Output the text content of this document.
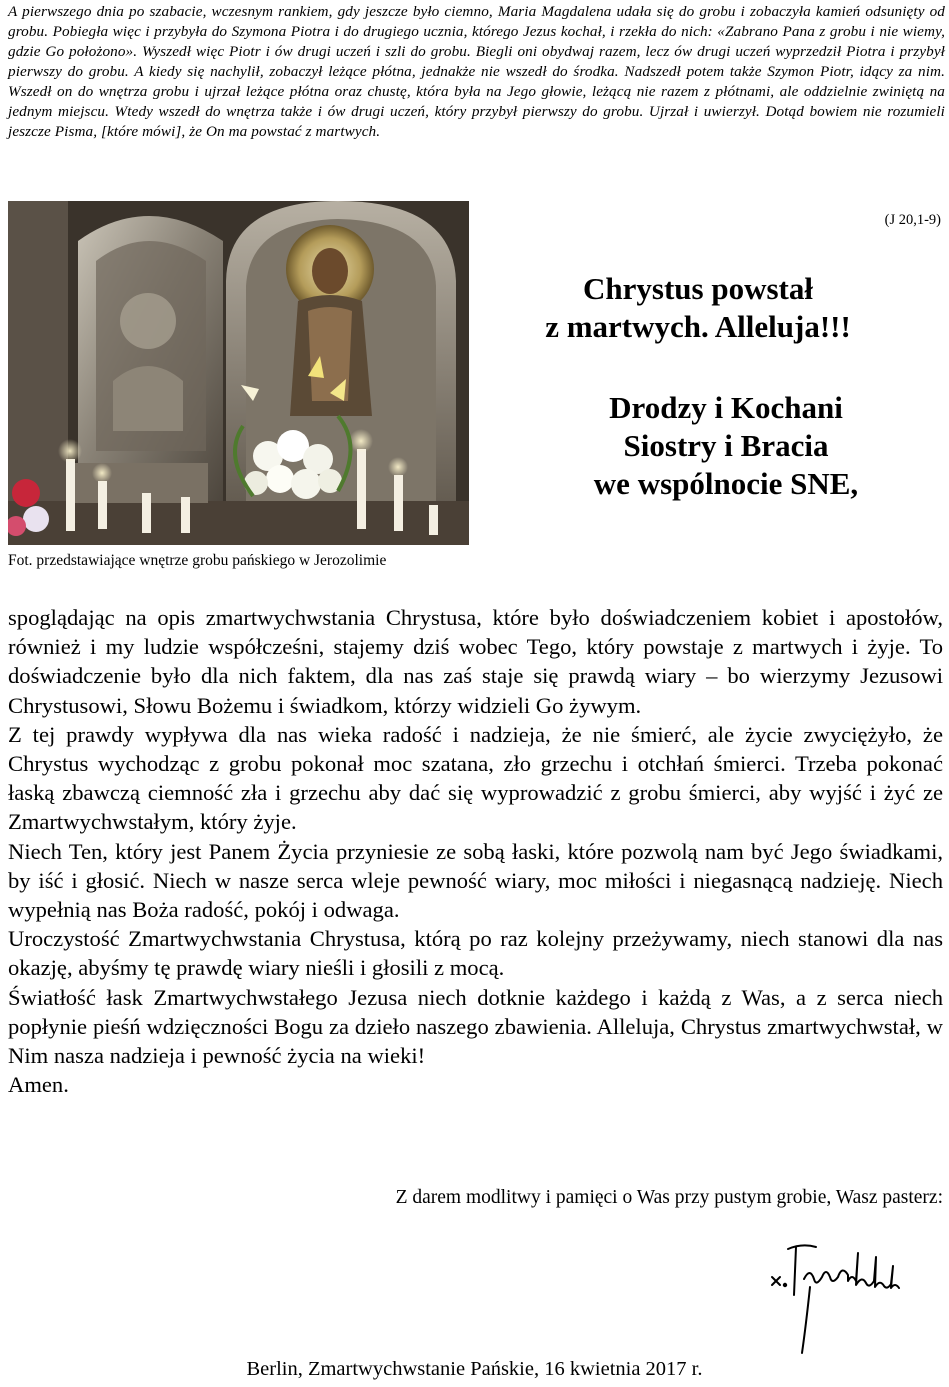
A pierwszego dnia po szabacie, wczesnym rankiem, gdy jeszcze było ciemno, Maria Magdalena udała się do grobu i zobaczyła kamień odsunięty od grobu. Pobiegła więc i przybyła do Szymona Piotra i do drugiego ucznia, którego Jezus kochał, i rzekła do nich: «Zabrano Pana z grobu i nie wiemy, gdzie Go położono». Wyszedł więc Piotr i ów drugi uczeń i szli do grobu. Biegli oni obydwaj razem, lecz ów drugi uczeń wyprzedził Piotra i przybył pierwszy do grobu. A kiedy się nachylił, zobaczył leżące płótna, jednakże nie wszedł do środka. Nadszedł potem także Szymon Piotr, idący za nim. Wszedł on do wnętrza grobu i ujrzał leżące płótna oraz chustę, która była na Jego głowie, leżącą nie razem z płótnami, ale oddzielnie zwiniętą na jednym miejscu. Wtedy wszedł do wnętrza także i ów drugi uczeń, który przybył pierwszy do grobu. Ujrzał i uwierzył. Dotąd bowiem nie rozumieli jeszcze Pisma, [które mówi], że On ma powstać z martwych.
Fot. przedstawiające wnętrze grobu pańskiego w Jerozolimie
(J 20,1-9)
Chrystus powstał
z martwych. Alleluja!!!
Drodzy i Kochani
Siostry i Bracia
we wspólnocie SNE,

spoglądając na opis zmartwychwstania Chrystusa, które było doświadczeniem kobiet i apostołów, również i my ludzie współcześni, stajemy dziś wobec Tego, który powstaje z martwych i żyje. To doświadczenie było dla nich faktem, dla nas zaś staje się prawdą wiary – bo wierzymy Jezusowi Chrystusowi, Słowu Bożemu i świadkom, którzy widzieli Go żywym.

Z tej prawdy wypływa dla nas wieka radość i nadzieja, że nie śmierć, ale życie zwyciężyło, że Chrystus wychodząc z grobu pokonał moc szatana, zło grzechu i otchłań śmierci. Trzeba pokonać łaską zbawczą ciemność zła i grzechu aby dać się wyprowadzić z grobu śmierci, aby wyjść i żyć ze Zmartwychwstałym, który żyje.

Niech Ten, który jest Panem Życia przyniesie ze sobą łaski, które pozwolą nam być Jego świadkami, by iść i głosić. Niech w nasze serca wleje pewność wiary, moc miłości i niegasnącą nadzieję. Niech wypełnią nas Boża radość, pokój i odwaga.

Uroczystość Zmartwychwstania Chrystusa, którą po raz kolejny przeżywamy, niech stanowi dla nas okazję, abyśmy tę prawdę wiary nieśli i głosili z mocą.

Światłość łask Zmartwychwstałego Jezusa niech dotknie każdego i każdą z Was, a z serca niech popłynie pieśń wdzięczności Bogu za dzieło naszego zbawienia. Alleluja, Chrystus zmartwychwstał, w Nim nasza nadzieja i pewność życia na wieki!

Amen.

Z darem modlitwy i pamięci o Was przy pustym grobie, Wasz pasterz:
Berlin, Zmartwychwstanie Pańskie, 16 kwietnia 2017 r.
